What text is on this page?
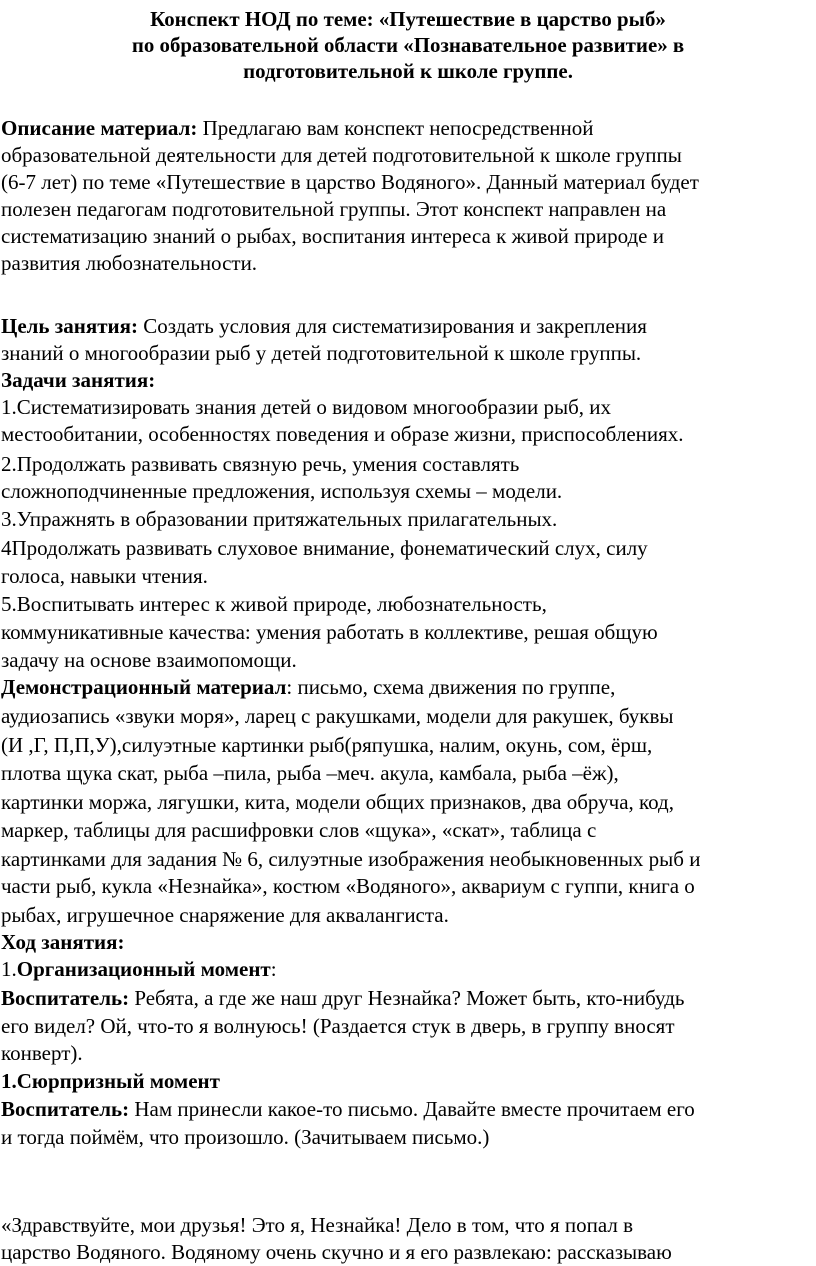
Конспект НОД по теме: «Путешествие в царство рыб»
по образовательной области «Познавательное развитие» в
подготовительной к школе группе.
Описание материал: Предлагаю вам конспект непосредственной
образовательной деятельности для детей подготовительной к школе группы
(6-7 лет) по теме «Путешествие в царство Водяного». Данный материал будет
полезен педагогам подготовительной группы. Этот конспект направлен на
систематизацию знаний о рыбах, воспитания интереса к живой природе и
развития любознательности.
Цель занятия: Создать условия для систематизирования и закрепления
знаний о многообразии рыб у детей подготовительной к школе группы.
Задачи занятия:
1.Систематизировать знания детей о видовом многообразии рыб, их
местообитании, особенностях поведения и образе жизни, приспособлениях.
2.Продолжать развивать связную речь, умения составлять
сложноподчиненные предложения, используя схемы – модели.
3.Упражнять в образовании притяжательных прилагательных.
4Продолжать развивать слуховое внимание, фонематический слух, силу
голоса, навыки чтения.
5.Воспитывать интерес к живой природе, любознательность,
коммуникативные качества: умения работать в коллективе, решая общую
задачу на основе взаимопомощи.
Демонстрационный материал: письмо, схема движения по группе,
аудиозапись «звуки моря», ларец с ракушками, модели для ракушек, буквы
(И ,Г, П,П,У),силуэтные картинки рыб(ряпушка, налим, окунь, сом, ёрш,
плотва щука скат, рыба –пила, рыба –меч. акула, камбала, рыба –ёж),
картинки моржа, лягушки, кита, модели общих признаков, два обруча, код,
маркер, таблицы для расшифровки слов «щука», «скат», таблица с
картинками для задания № 6, силуэтные изображения необыкновенных рыб и
части рыб, кукла «Незнайка», костюм «Водяного», аквариум с гуппи, книга о
рыбах, игрушечное снаряжение для аквалангиста.
Ход занятия:
1.Организационный момент:
Воспитатель: Ребята, а где же наш друг Незнайка? Может быть, кто-нибудь
его видел? Ой, что-то я волнуюсь! (Раздается стук в дверь, в группу вносят
конверт).
1.Сюрпризный момент
Воспитатель: Нам принесли какое-то письмо. Давайте вместе прочитаем его
и тогда поймём, что произошло. (Зачитываем письмо.)
«Здравствуйте, мои друзья! Это я, Незнайка! Дело в том, что я попал в
царство Водяного. Водяному очень скучно и я его развлекаю: рассказываю
